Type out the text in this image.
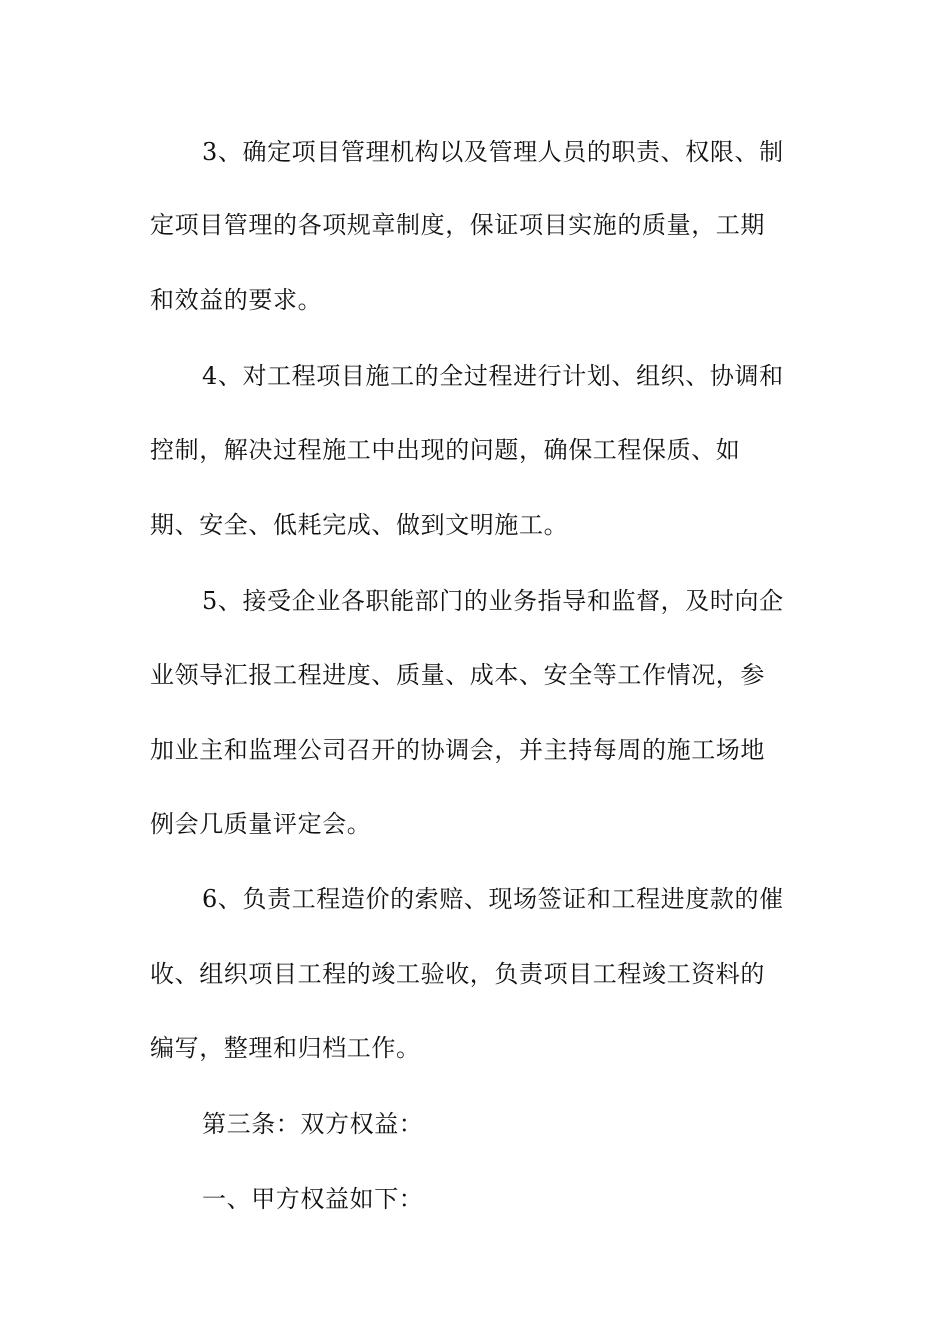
3、确定项目管理机构以及管理人员的职责、权限、制
定项目管理的各项规章制度，保证项目实施的质量，工期
和效益的要求。
4、对工程项目施工的全过程进行计划、组织、协调和
控制，解决过程施工中出现的问题，确保工程保质、如
期、安全、低耗完成、做到文明施工。
5、接受企业各职能部门的业务指导和监督，及时向企
业领导汇报工程进度、质量、成本、安全等工作情况，参
加业主和监理公司召开的协调会，并主持每周的施工场地
例会几质量评定会。
6、负责工程造价的索赔、现场签证和工程进度款的催
收、组织项目工程的竣工验收，负责项目工程竣工资料的
编写，整理和归档工作。
第三条：双方权益：
一、甲方权益如下：
